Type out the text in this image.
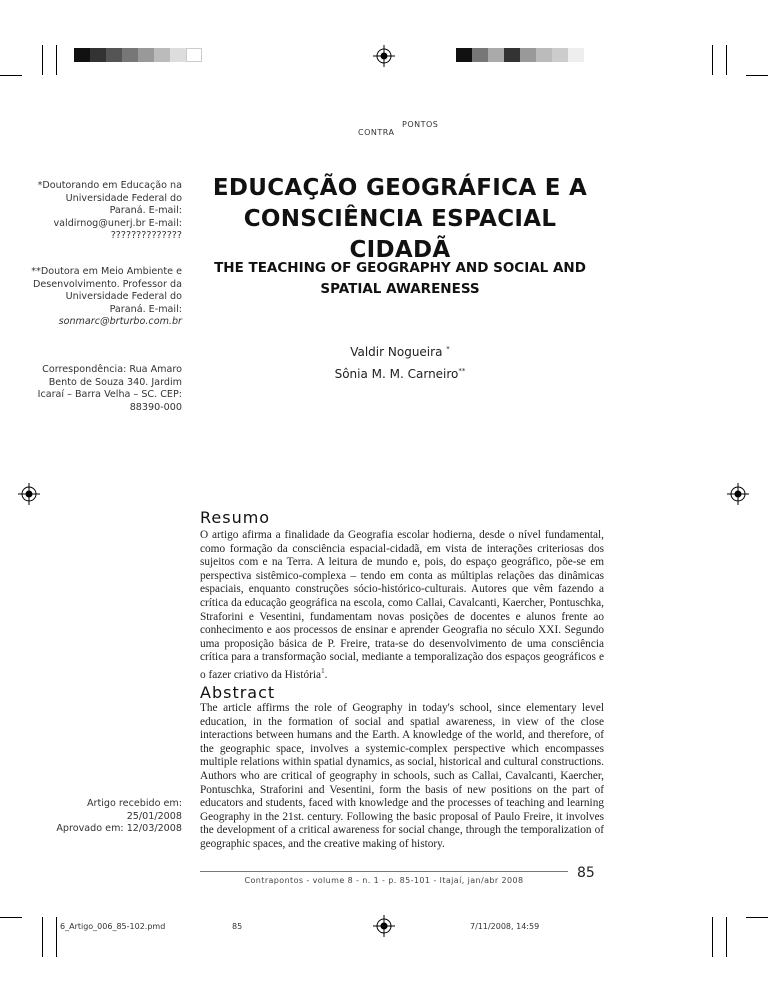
PONTOS
CONTRA

*Doutorando em Educação na Universidade Federal do Paraná. E-mail: valdirnog@unerj.br E-mail: ??????????????

**Doutora em Meio Ambiente e Desenvolvimento. Professor da Universidade Federal do Paraná. E-mail:

sonmarc@brturbo.com.br

Correspondência: Rua Amaro Bento de Souza 340. Jardim Icaraí – Barra Velha – SC. CEP: 88390-000

Artigo recebido em: 25/01/2008

Aprovado em: 12/03/2008

EDUCAÇÃO GEOGRÁFICA E A
CONSCIÊNCIA ESPACIAL CIDADÃ
THE TEACHING OF GEOGRAPHY AND SOCIAL AND
SPATIAL AWARENESS
Valdir Nogueira *
Sônia M. M. Carneiro**
Resumo
O artigo afirma a finalidade da Geografia escolar hodierna, desde o nível fundamental, como formação da consciência espacial-cidadã, em vista de interações criteriosas dos sujeitos com e na Terra. A leitura de mundo e, pois, do espaço geográfico, põe-se em perspectiva sistêmico-complexa – tendo em conta as múltiplas relações das dinâmicas espaciais, enquanto construções sócio-histórico-culturais. Autores que vêm fazendo a crítica da educação geográfica na escola, como Callai, Cavalcanti, Kaercher, Pontuschka, Straforini e Vesentini, fundamentam novas posições de docentes e alunos frente ao conhecimento e aos processos de ensinar e aprender Geografia no século XXI. Segundo uma proposição básica de P. Freire, trata-se do desenvolvimento de uma consciência crítica para a transformação social, mediante a temporalização dos espaços geográficos e o fazer criativo da História$^1$.
Abstract
The article affirms the role of Geography in today's school, since elementary level education, in the formation of social and spatial awareness, in view of the close interactions between humans and the Earth. A knowledge of the world, and therefore, of the geographic space, involves a systemic-complex perspective which encompasses multiple relations within spatial dynamics, as social, historical and cultural constructions. Authors who are critical of geography in schools, such as Callai, Cavalcanti, Kaercher, Pontuschka, Straforini and Vesentini, form the basis of new positions on the part of educators and students, faced with knowledge and the processes of teaching and learning Geography in the 21st. century. Following the basic proposal of Paulo Freire, it involves the development of a critical awareness for social change, through the temporalization of geographic spaces, and the creative making of history.
Contrapontos - volume 8 - n. 1 - p. 85-101 - Itajaí, jan/abr 2008	85
6_Artigo_006_85-102.pmd	85	7/11/2008, 14:59
